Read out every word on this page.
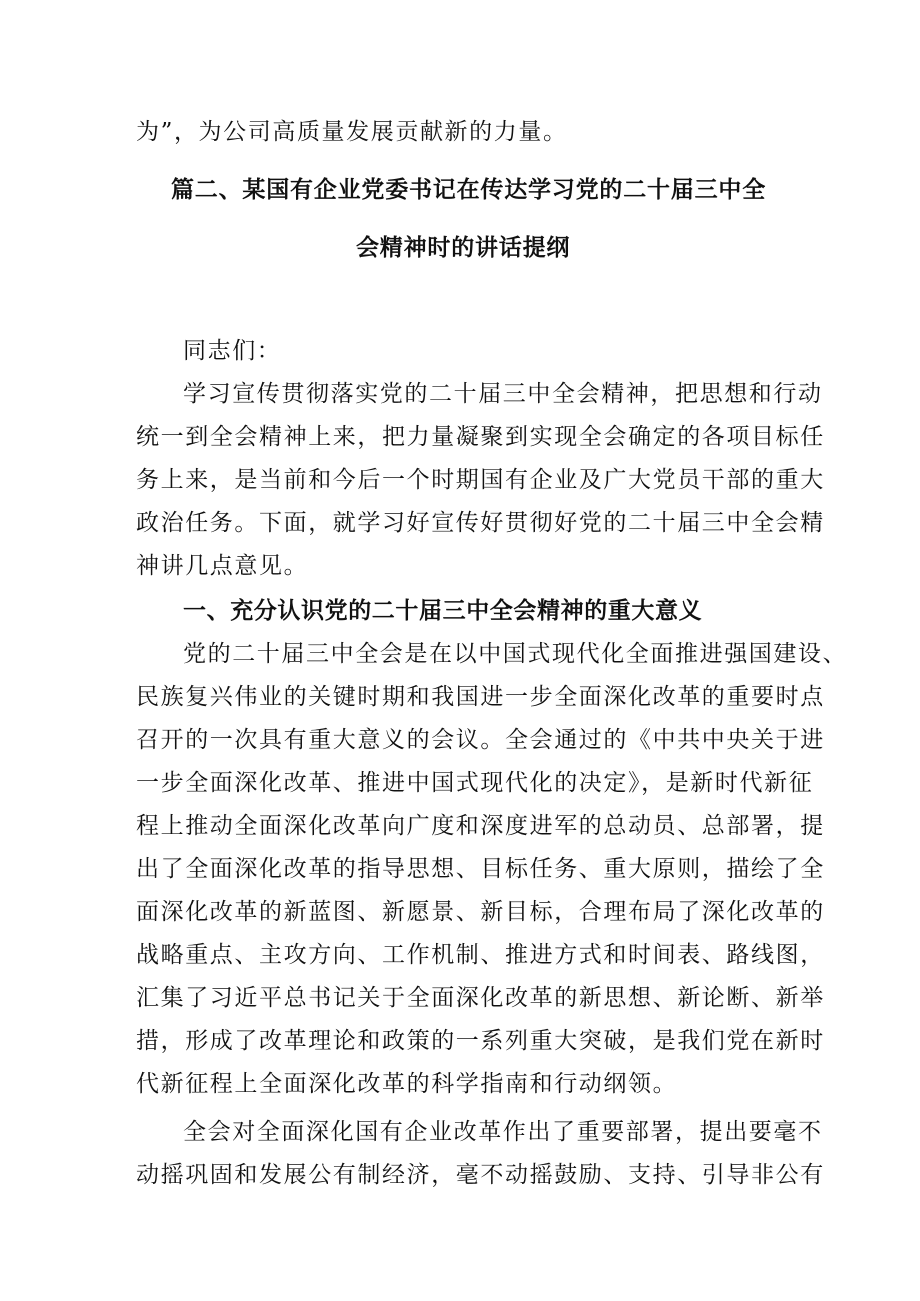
为”，为公司高质量发展贡献新的力量。
篇二、某国有企业党委书记在传达学习党的二十届三中全
会精神时的讲话提纲
同志们：
学习宣传贯彻落实党的二十届三中全会精神，把思想和行动
统一到全会精神上来，把力量凝聚到实现全会确定的各项目标任
务上来，是当前和今后一个时期国有企业及广大党员干部的重大
政治任务。下面，就学习好宣传好贯彻好党的二十届三中全会精
神讲几点意见。
一、充分认识党的二十届三中全会精神的重大意义
党的二十届三中全会是在以中国式现代化全面推进强国建设、
民族复兴伟业的关键时期和我国进一步全面深化改革的重要时点
召开的一次具有重大意义的会议。全会通过的《中共中央关于进
一步全面深化改革、推进中国式现代化的决定》，是新时代新征
程上推动全面深化改革向广度和深度进军的总动员、总部署，提
出了全面深化改革的指导思想、目标任务、重大原则，描绘了全
面深化改革的新蓝图、新愿景、新目标，合理布局了深化改革的
战略重点、主攻方向、工作机制、推进方式和时间表、路线图，
汇集了习近平总书记关于全面深化改革的新思想、新论断、新举
措，形成了改革理论和政策的一系列重大突破，是我们党在新时
代新征程上全面深化改革的科学指南和行动纲领。
全会对全面深化国有企业改革作出了重要部署，提出要毫不
动摇巩固和发展公有制经济，毫不动摇鼓励、支持、引导非公有
